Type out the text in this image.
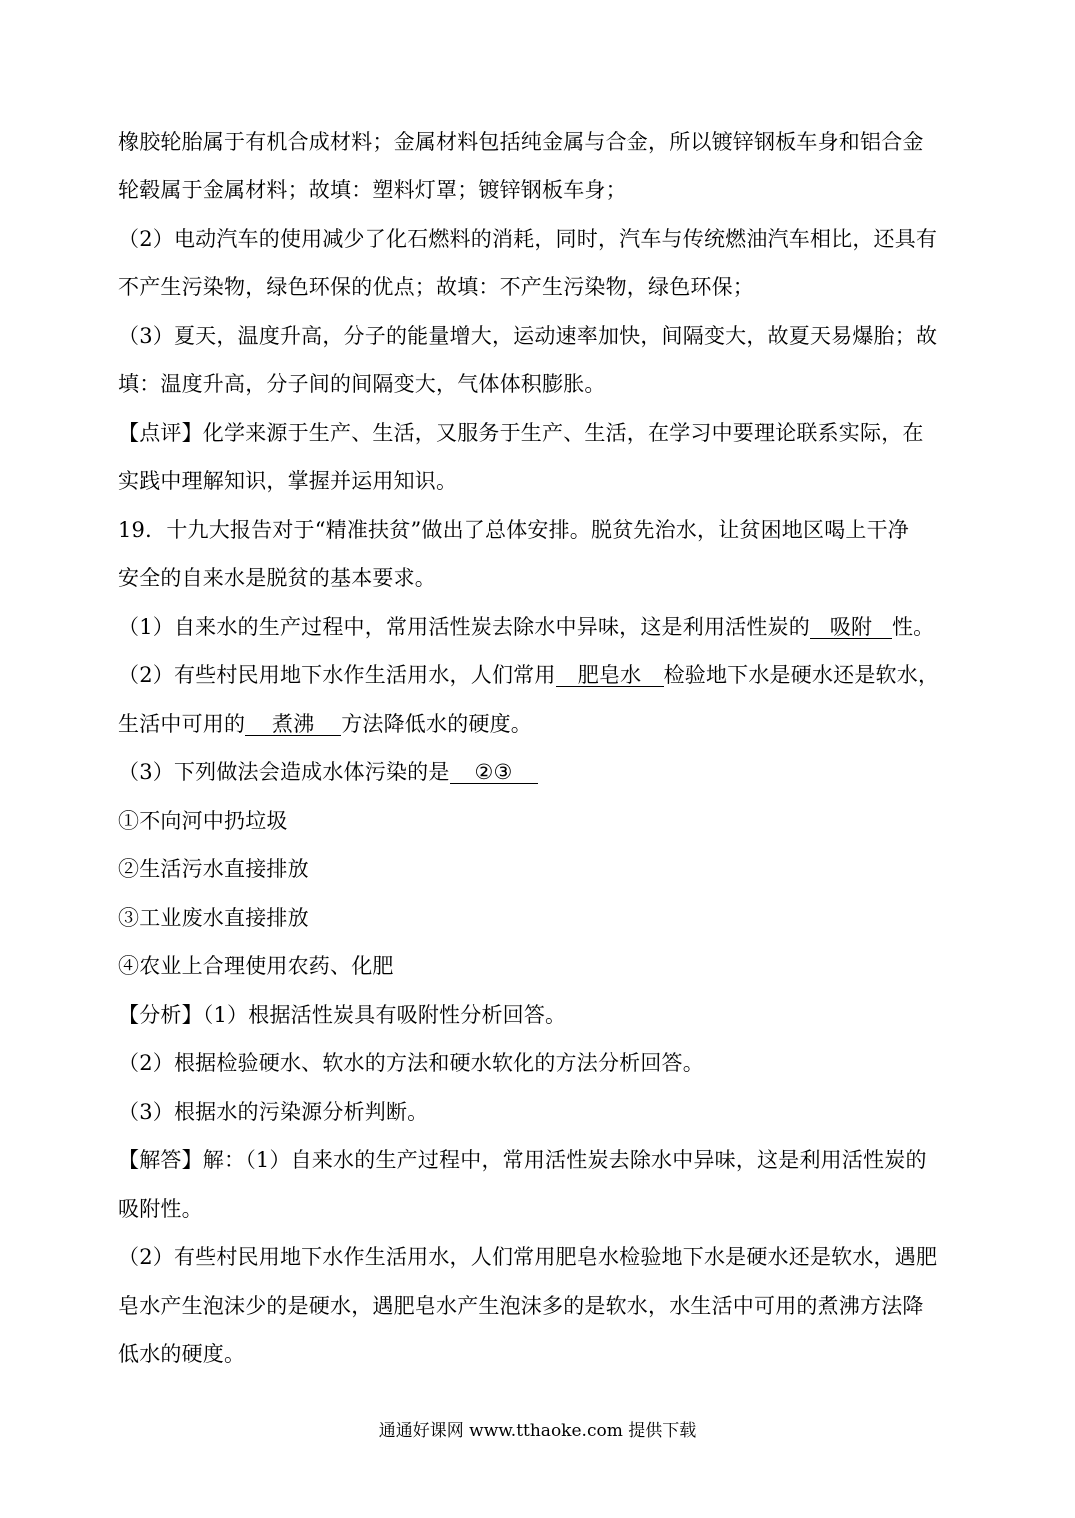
橡胶轮胎属于有机合成材料；金属材料包括纯金属与合金，所以镀锌钢板车身和铝合金
轮毂属于金属材料；故填：塑料灯罩；镀锌钢板车身；
（2）电动汽车的使用减少了化石燃料的消耗，同时，汽车与传统燃油汽车相比，还具有
不产生污染物，绿色环保的优点；故填：不产生污染物，绿色环保；
（3）夏天，温度升高，分子的能量增大，运动速率加快，间隔变大，故夏天易爆胎；故
填：温度升高，分子间的间隔变大，气体体积膨胀。
【点评】化学来源于生产、生活，又服务于生产、生活，在学习中要理论联系实际，在
实践中理解知识，掌握并运用知识。
19．十九大报告对于“精准扶贫”做出了总体安排。脱贫先治水，让贫困地区喝上干净
安全的自来水是脱贫的基本要求。
（1）自来水的生产过程中，常用活性炭去除水中异味，这是利用活性炭的 吸附 性。
（2）有些村民用地下水作生活用水，人们常用 肥皂水 检验地下水是硬水还是软水，
生活中可用的 煮沸 方法降低水的硬度。
（3）下列做法会造成水体污染的是 ②③
①不向河中扔垃圾
②生活污水直接排放
③工业废水直接排放
④农业上合理使用农药、化肥
【分析】（1）根据活性炭具有吸附性分析回答。
（2）根据检验硬水、软水的方法和硬水软化的方法分析回答。
（3）根据水的污染源分析判断。
【解答】解：（1）自来水的生产过程中，常用活性炭去除水中异味，这是利用活性炭的
吸附性。
（2）有些村民用地下水作生活用水，人们常用肥皂水检验地下水是硬水还是软水，遇肥
皂水产生泡沫少的是硬水，遇肥皂水产生泡沫多的是软水，水生活中可用的煮沸方法降
低水的硬度。
通通好课网 www.tthaoke.com 提供下载
